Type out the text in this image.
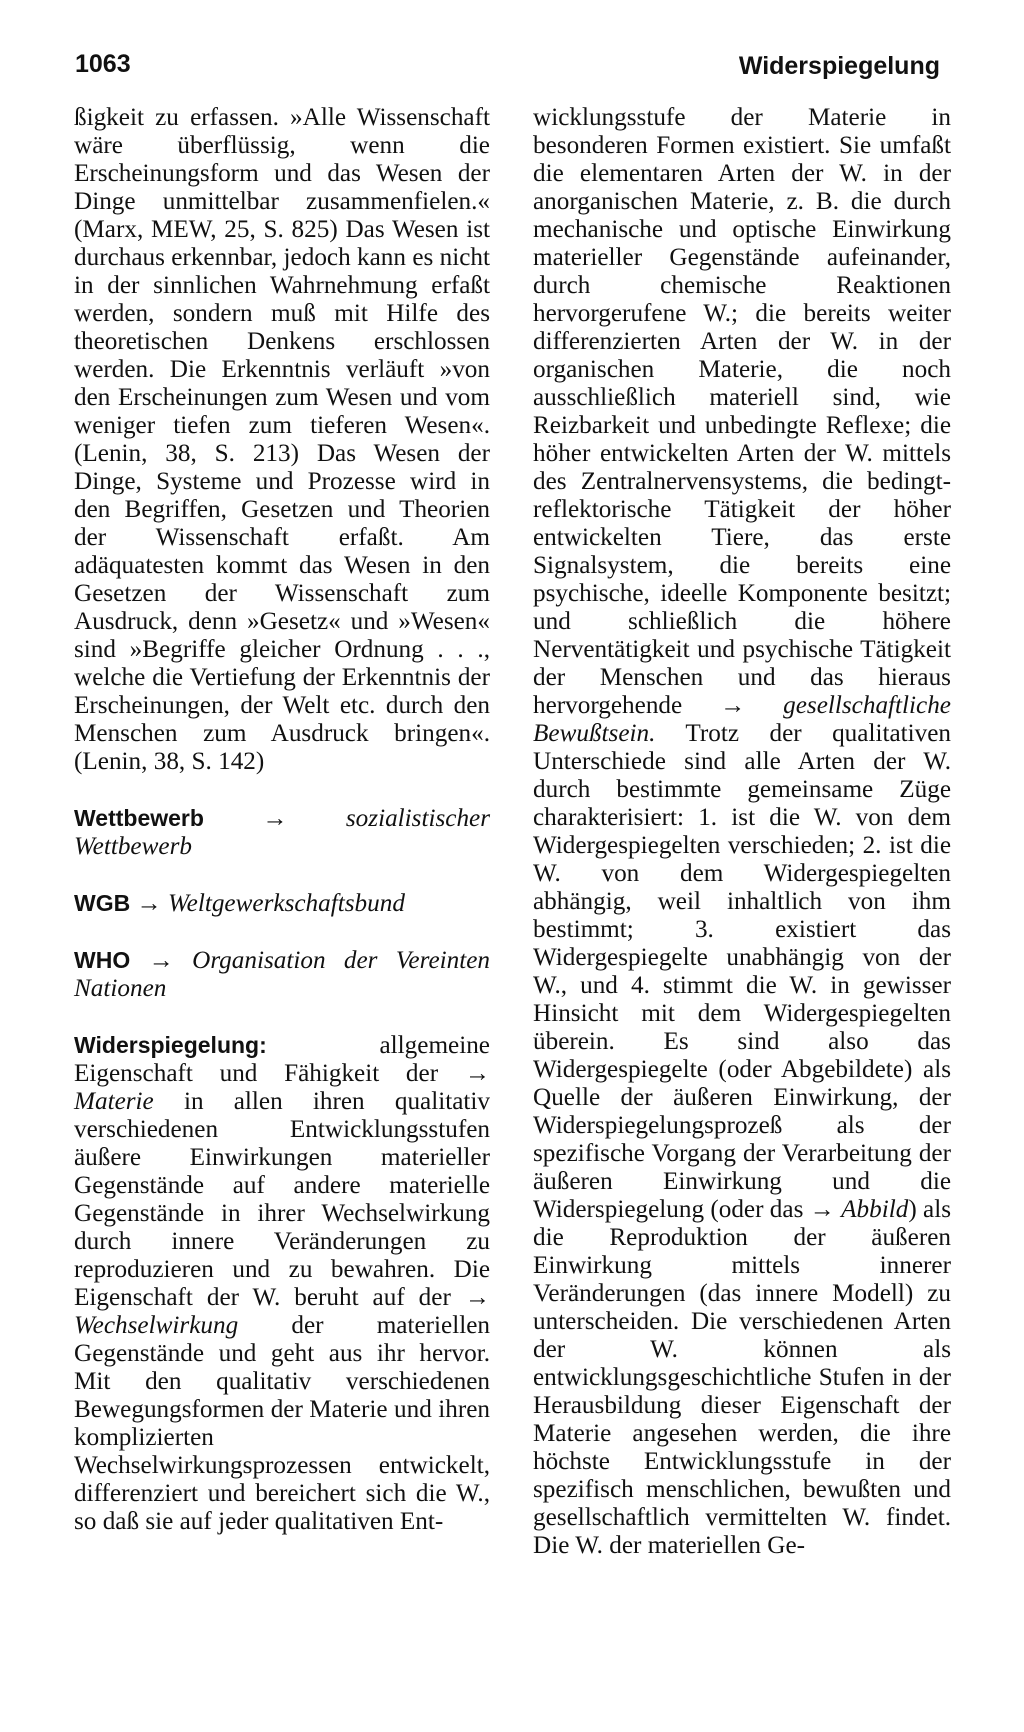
1063	Widerspiegelung

ßigkeit zu erfassen. »Alle Wissenschaft wäre überflüssig, wenn die Erscheinungsform und das Wesen der Dinge unmittelbar zusammenfielen.« (Marx, MEW, 25, S. 825) Das Wesen ist durchaus erkennbar, jedoch kann es nicht in der sinnlichen Wahrnehmung erfaßt werden, sondern muß mit Hilfe des theoretischen Denkens erschlossen werden. Die Erkenntnis verläuft »von den Erscheinungen zum Wesen und vom weniger tiefen zum tieferen Wesen«. (Lenin, 38, S. 213) Das Wesen der Dinge, Systeme und Prozesse wird in den Begriffen, Gesetzen und Theorien der Wissenschaft erfaßt. Am adäquatesten kommt das Wesen in den Gesetzen der Wissenschaft zum Ausdruck, denn »Gesetz« und »Wesen« sind »Begriffe gleicher Ordnung . . ., welche die Vertiefung der Erkenntnis der Erscheinungen, der Welt etc. durch den Menschen zum Ausdruck bringen«. (Lenin, 38, S. 142)

Wettbewerb → sozialistischer Wettbewerb

WGB → Weltgewerkschaftsbund

WHO → Organisation der Vereinten Nationen

Widerspiegelung: allgemeine Eigenschaft und Fähigkeit der → Materie in allen ihren qualitativ verschiedenen Entwicklungsstufen äußere Einwirkungen materieller Gegenstände auf andere materielle Gegenstände in ihrer Wechselwirkung durch innere Veränderungen zu reproduzieren und zu bewahren. Die Eigenschaft der W. beruht auf der → Wechselwirkung der materiellen Gegenstände und geht aus ihr hervor. Mit den qualitativ verschiedenen Bewegungsformen der Materie und ihren komplizierten Wechselwirkungsprozessen entwickelt, differenziert und bereichert sich die W., so daß sie auf jeder qualitativen Ent-

wicklungsstufe der Materie in besonderen Formen existiert. Sie umfaßt die elementaren Arten der W. in der anorganischen Materie, z. B. die durch mechanische und optische Einwirkung materieller Gegenstände aufeinander, durch chemische Reaktionen hervorgerufene W.; die bereits weiter differenzierten Arten der W. in der organischen Materie, die noch ausschließlich materiell sind, wie Reizbarkeit und unbedingte Reflexe; die höher entwickelten Arten der W. mittels des Zentralnervensystems, die bedingt-reflektorische Tätigkeit der höher entwickelten Tiere, das erste Signalsystem, die bereits eine psychische, ideelle Komponente besitzt; und schließlich die höhere Nerventätigkeit und psychische Tätigkeit der Menschen und das hieraus hervorgehende → gesellschaftliche Bewußtsein. Trotz der qualitativen Unterschiede sind alle Arten der W. durch bestimmte gemeinsame Züge charakterisiert: 1. ist die W. von dem Widergespiegelten verschieden; 2. ist die W. von dem Widergespiegelten abhängig, weil inhaltlich von ihm bestimmt; 3. existiert das Widergespiegelte unabhängig von der W., und 4. stimmt die W. in gewisser Hinsicht mit dem Widergespiegelten überein. Es sind also das Widergespiegelte (oder Abgebildete) als Quelle der äußeren Einwirkung, der Widerspiegelungsprozeß als der spezifische Vorgang der Verarbeitung der äußeren Einwirkung und die Widerspiegelung (oder das → Abbild) als die Reproduktion der äußeren Einwirkung mittels innerer Veränderungen (das innere Modell) zu unterscheiden. Die verschiedenen Arten der W. können als entwicklungsgeschichtliche Stufen in der Herausbildung dieser Eigenschaft der Materie angesehen werden, die ihre höchste Entwicklungsstufe in der spezifisch menschlichen, bewußten und gesellschaftlich vermittelten W. findet. Die W. der materiellen Ge-
